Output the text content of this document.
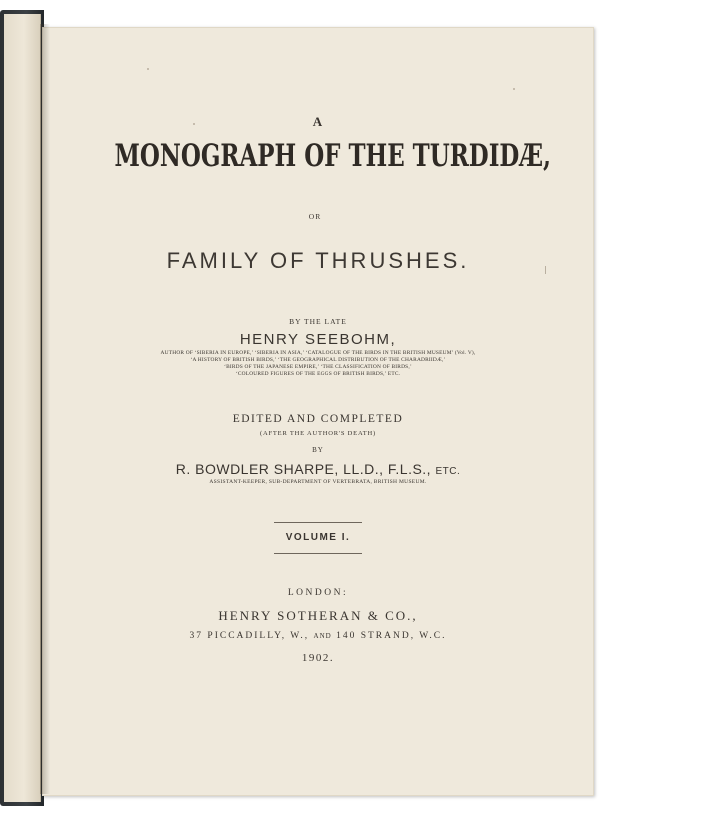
A

MONOGRAPH OF THE TURDIDÆ,

OR

FAMILY OF THRUSHES.

BY THE LATE

HENRY SEEBOHM,

AUTHOR OF ‘SIBERIA IN EUROPE,’ ‘SIBERIA IN ASIA,’ ‘CATALOGUE OF THE BIRDS IN THE BRITISH MUSEUM’ (Vol. V),

‘A HISTORY OF BRITISH BIRDS,’ ‘THE GEOGRAPHICAL DISTRIBUTION OF THE CHARADRIIDÆ,’

‘BIRDS OF THE JAPANESE EMPIRE,’ ‘THE CLASSIFICATION OF BIRDS,’

‘COLOURED FIGURES OF THE EGGS OF BRITISH BIRDS,’ ETC.

EDITED AND COMPLETED

(AFTER THE AUTHOR'S DEATH)

BY

R. BOWDLER SHARPE, LL.D., F.L.S., ETC.

ASSISTANT-KEEPER, SUB-DEPARTMENT OF VERTEBRATA, BRITISH MUSEUM.

VOLUME I.

LONDON:

HENRY SOTHERAN & CO.,

37 PICCADILLY, W., AND 140 STRAND, W.C.

1902.
